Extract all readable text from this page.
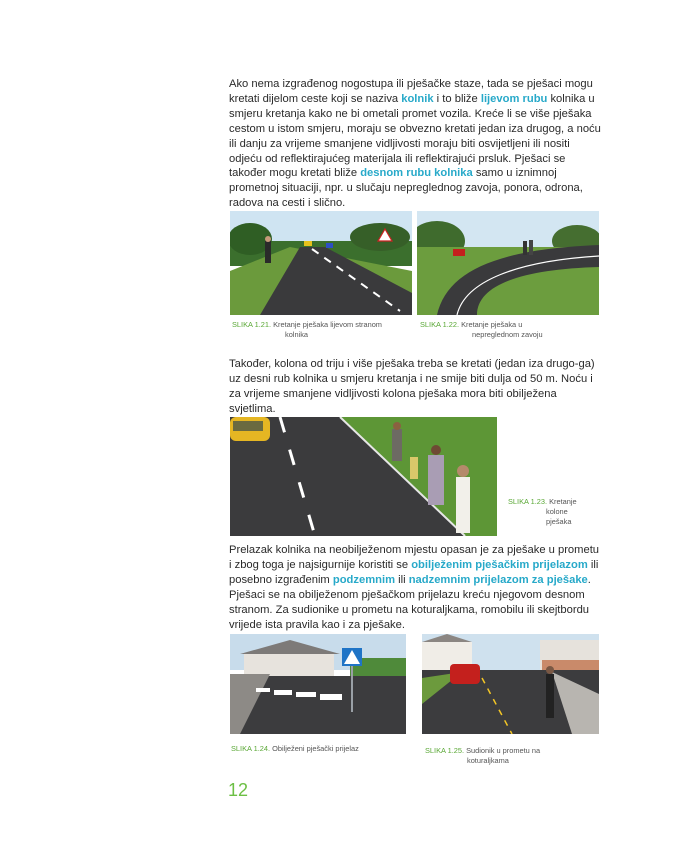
Ako nema izgrađenog nogostupa ili pješačke staze, tada se pješaci mogu kretati dijelom ceste koji se naziva kolnik i to bliže lijevom rubu kolnika u smjeru kretanja kako ne bi ometali promet vozila. Kreće li se više pješaka cestom u istom smjeru, moraju se obvezno kretati jedan iza drugog, a noću ili danju za vrijeme smanjene vidljivosti moraju biti osvijetljeni ili nositi odjeću od reflektirajućeg materijala ili reflektirajući prsluk. Pješaci se također mogu kretati bliže desnom rubu kolnika samo u iznimnoj prometnoj situaciji, npr. u slučaju nepreglednog zavoja, ponora, odrona, radova na cesti i slično.

SLIKA 1.21. Kretanje pješaka lijevom stranom
kolnika
SLIKA 1.22. Kretanje pješaka u
nepreglednom zavoju

Također, kolona od triju i više pješaka treba se kretati (jedan iza drugo-ga) uz desni rub kolnika u smjeru kretanja i ne smije biti dulja od 50 m. Noću i za vrijeme smanjene vidljivosti kolona pješaka mora biti obilježena svjetlima.

SLIKA 1.23. Kretanje
kolone
pješaka

Prelazak kolnika na neobilježenom mjestu opasan je za pješake u prometu i zbog toga je najsigurnije koristiti se obilježenim pješačkim prijelazom ili posebno izgrađenim podzemnim ili nadzemnim prijelazom za pješake. Pješaci se na obilježenom pješačkom prijelazu kreću njegovom desnom stranom. Za sudionike u prometu na koturaljkama, romobilu ili skejtbordu vrijede ista pravila kao i za pješake.

SLIKA 1.24. Obilježeni pješački prijelaz	SLIKA 1.25. Sudionik u prometu na
koturaljkama
12
